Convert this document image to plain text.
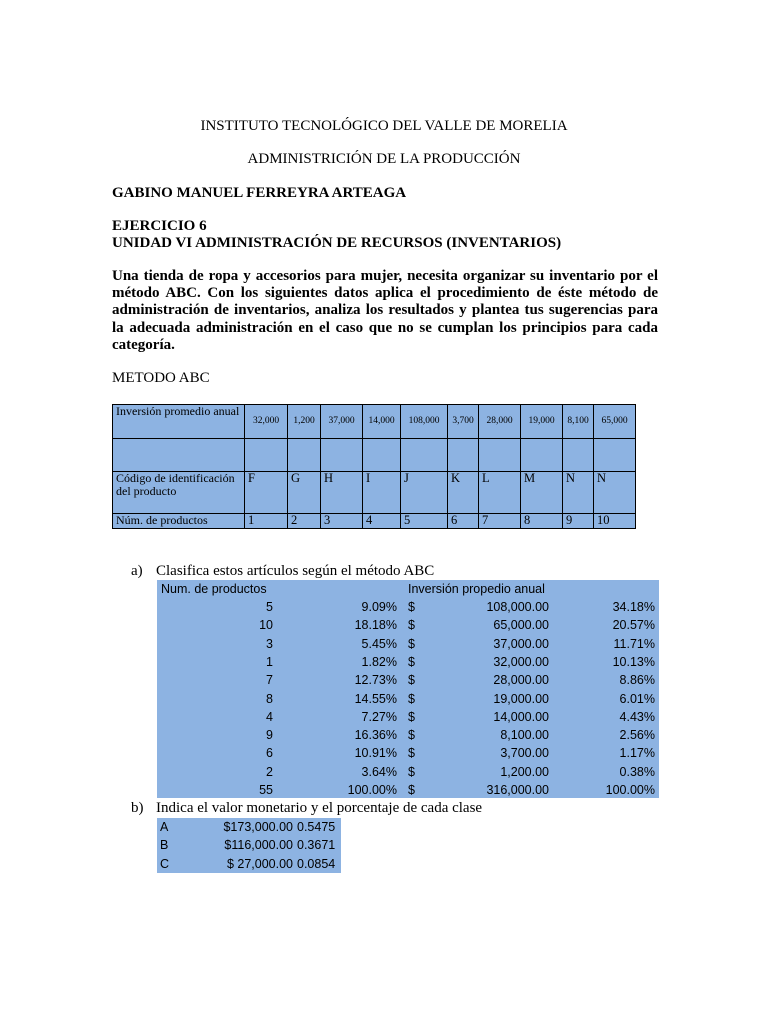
INSTITUTO TECNOLÓGICO DEL VALLE DE MORELIA
ADMINISTRICIÓN DE LA PRODUCCIÓN
GABINO MANUEL FERREYRA ARTEAGA
EJERCICIO 6
UNIDAD VI ADMINISTRACIÓN DE RECURSOS (INVENTARIOS)
Una tienda de ropa y accesorios para mujer, necesita organizar su inventario por el
método ABC. Con los siguientes datos aplica el procedimiento de éste método de
administración de inventarios, analiza los resultados y plantea tus sugerencias para
la adecuada administración en el caso que no se cumplan los principios para cada
categoría.
METODO ABC
Inversión promedio anual	32,000	1,200	37,000	14,000	108,000	3,700	28,000	19,000	8,100	65,000

Código de identificación del producto	F	G	H	I	J	K	L	M	N	N
Núm. de productos	1	2	3	4	5	6	7	8	9	10
a) Clasifica estos artículos según el método ABC
Num. de productos	Inversión propedio anual
5	9.09% $	108,000.00	34.18%
10	18.18% $	65,000.00	20.57%
3	5.45% $	37,000.00	11.71%
1	1.82% $	32,000.00	10.13%
7	12.73% $	28,000.00	8.86%
8	14.55% $	19,000.00	6.01%
4	7.27% $	14,000.00	4.43%
9	16.36% $	8,100.00	2.56%
6	10.91% $	3,700.00	1.17%
2	3.64% $	1,200.00	0.38%
55	100.00% $	316,000.00	100.00%
b) Indica el valor monetario y el porcentaje de cada clase
A	$173,000.00 0.5475
B	$116,000.00 0.3671
C	$ 27,000.00 0.0854
